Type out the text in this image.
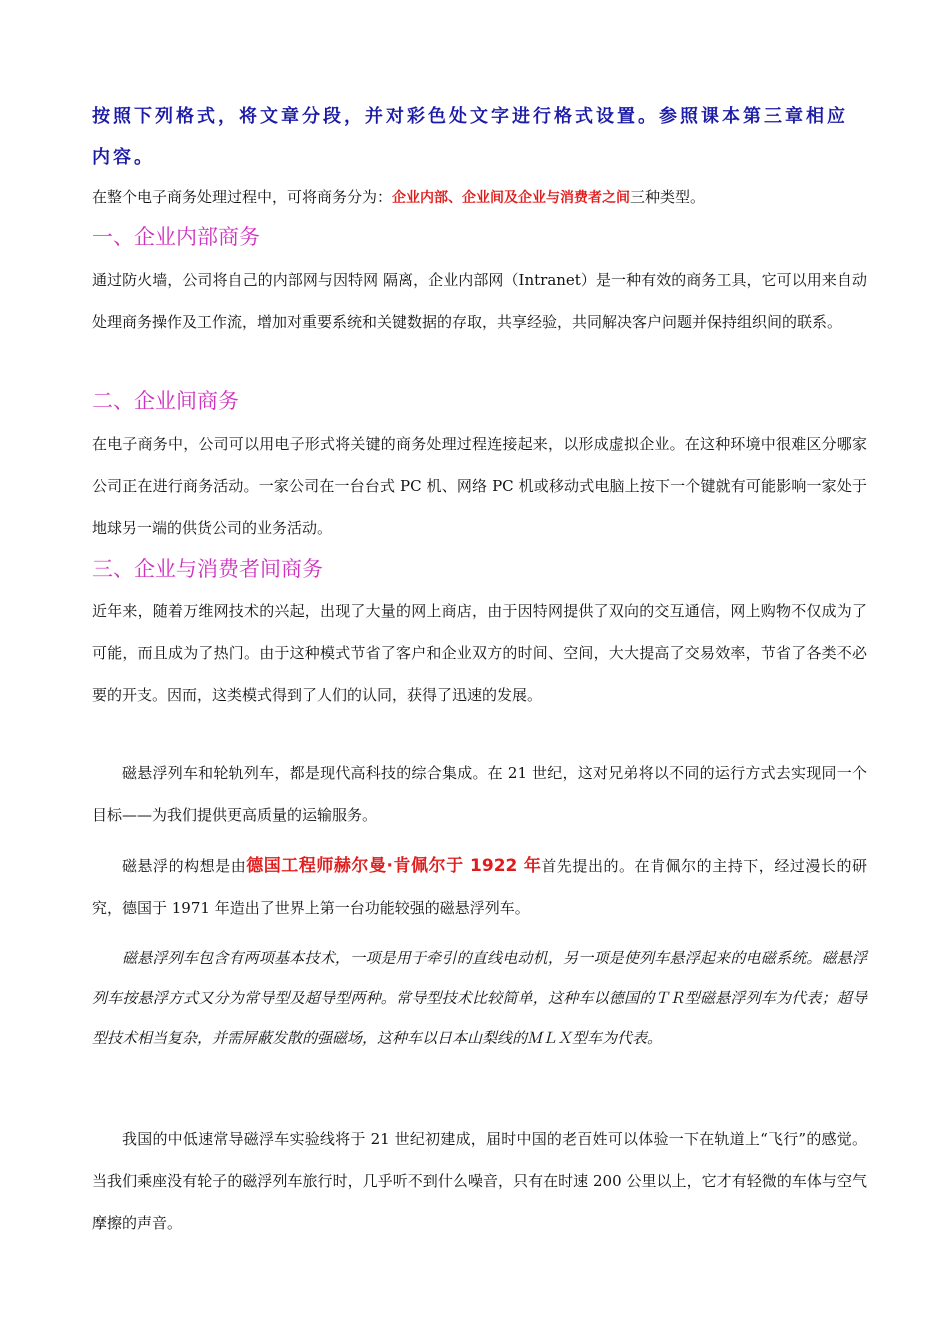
按照下列格式，将文章分段，并对彩色处文字进行格式设置。参照课本第三章相应内容。
在整个电子商务处理过程中，可将商务分为：企业内部、企业间及企业与消费者之间三种类型。
一、企业内部商务
通过防火墙，公司将自己的内部网与因特网 隔离，企业内部网（Intranet）是一种有效的商务工具，它可以用来自动处理商务操作及工作流，增加对重要系统和关键数据的存取，共享经验，共同解决客户问题并保持组织间的联系。
二、企业间商务
在电子商务中，公司可以用电子形式将关键的商务处理过程连接起来，以形成虚拟企业。在这种环境中很难区分哪家公司正在进行商务活动。一家公司在一台台式 PC 机、网络 PC 机或移动式电脑上按下一个键就有可能影响一家处于地球另一端的供货公司的业务活动。
三、企业与消费者间商务
近年来，随着万维网技术的兴起，出现了大量的网上商店，由于因特网提供了双向的交互通信，网上购物不仅成为了可能，而且成为了热门。由于这种模式节省了客户和企业双方的时间、空间，大大提高了交易效率，节省了各类不必要的开支。因而，这类模式得到了人们的认同，获得了迅速的发展。
磁悬浮列车和轮轨列车，都是现代高科技的综合集成。在 21 世纪，这对兄弟将以不同的运行方式去实现同一个目标——为我们提供更高质量的运输服务。
磁悬浮的构想是由德国工程师赫尔曼·肯佩尔于 1922 年首先提出的。在肯佩尔的主持下，经过漫长的研究，德国于 1971 年造出了世界上第一台功能较强的磁悬浮列车。
磁悬浮列车包含有两项基本技术，一项是用于牵引的直线电动机，另一项是使列车悬浮起来的电磁系统。磁悬浮列车按悬浮方式又分为常导型及超导型两种。常导型技术比较简单，这种车以德国的ＴＲ型磁悬浮列车为代表；超导型技术相当复杂，并需屏蔽发散的强磁场，这种车以日本山梨线的ＭＬＸ型车为代表。
我国的中低速常导磁浮车实验线将于 21 世纪初建成，届时中国的老百姓可以体验一下在轨道上“飞行”的感觉。当我们乘座没有轮子的磁浮列车旅行时，几乎听不到什么噪音，只有在时速 200 公里以上，它才有轻微的车体与空气摩擦的声音。
